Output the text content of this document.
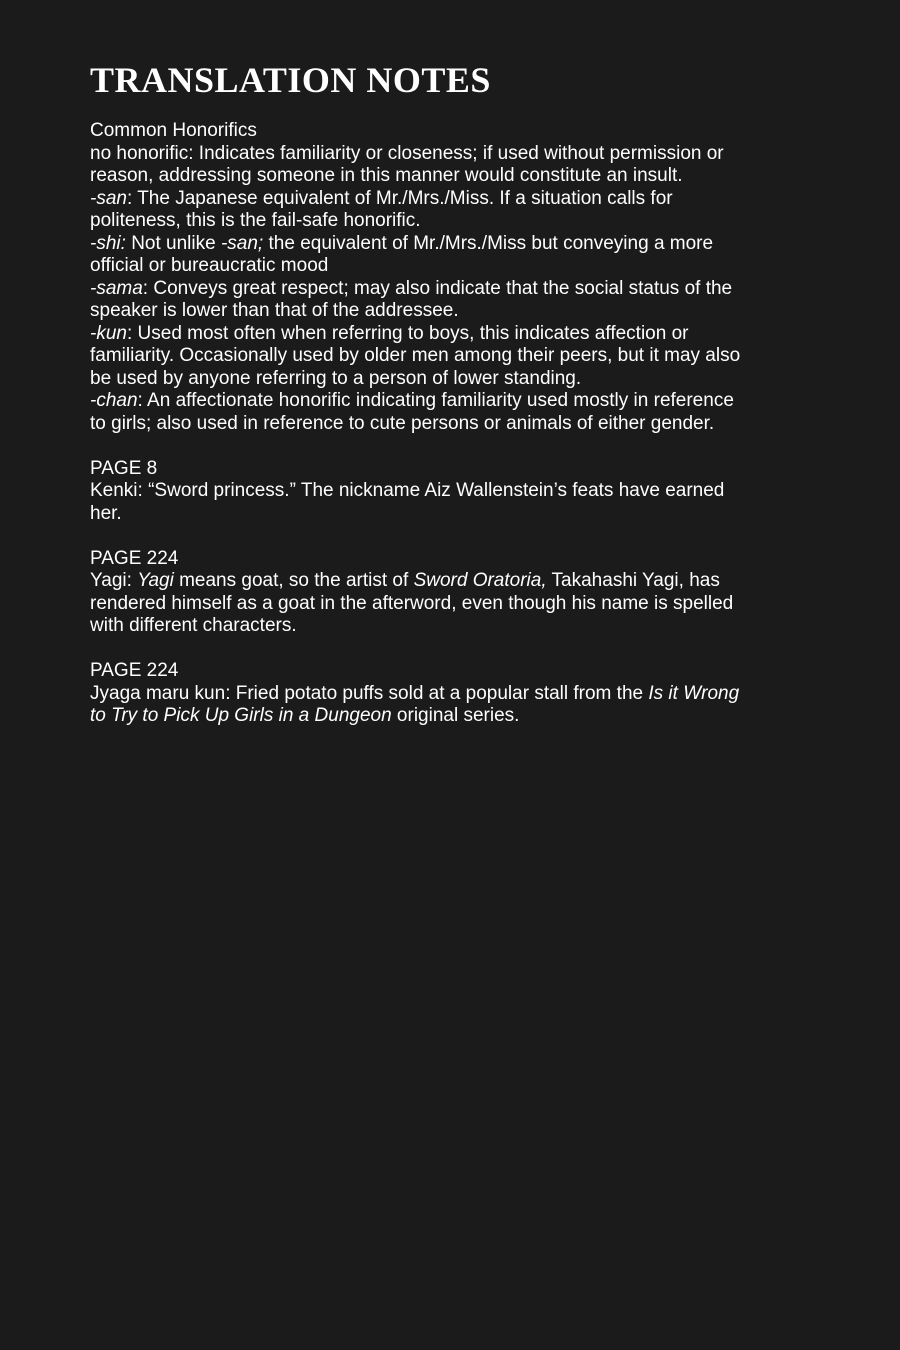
TRANSLATION NOTES

Common Honorifics

no honorific: Indicates familiarity or closeness; if used without permission or reason, addressing someone in this manner would constitute an insult.

-san: The Japanese equivalent of Mr./Mrs./Miss. If a situation calls for politeness, this is the fail-safe honorific.

-shi: Not unlike -san; the equivalent of Mr./Mrs./Miss but conveying a more official or bureaucratic mood

-sama: Conveys great respect; may also indicate that the social status of the speaker is lower than that of the addressee.

-kun: Used most often when referring to boys, this indicates affection or familiarity. Occasionally used by older men among their peers, but it may also be used by anyone referring to a person of lower standing.

-chan: An affectionate honorific indicating familiarity used mostly in reference to girls; also used in reference to cute persons or animals of either gender.

PAGE 8

Kenki: “Sword princess.” The nickname Aiz Wallenstein’s feats have earned her.

PAGE 224

Yagi: Yagi means goat, so the artist of Sword Oratoria, Takahashi Yagi, has rendered himself as a goat in the afterword, even though his name is spelled with different characters.

PAGE 224

Jyaga maru kun: Fried potato puffs sold at a popular stall from the Is it Wrong to Try to Pick Up Girls in a Dungeon original series.
